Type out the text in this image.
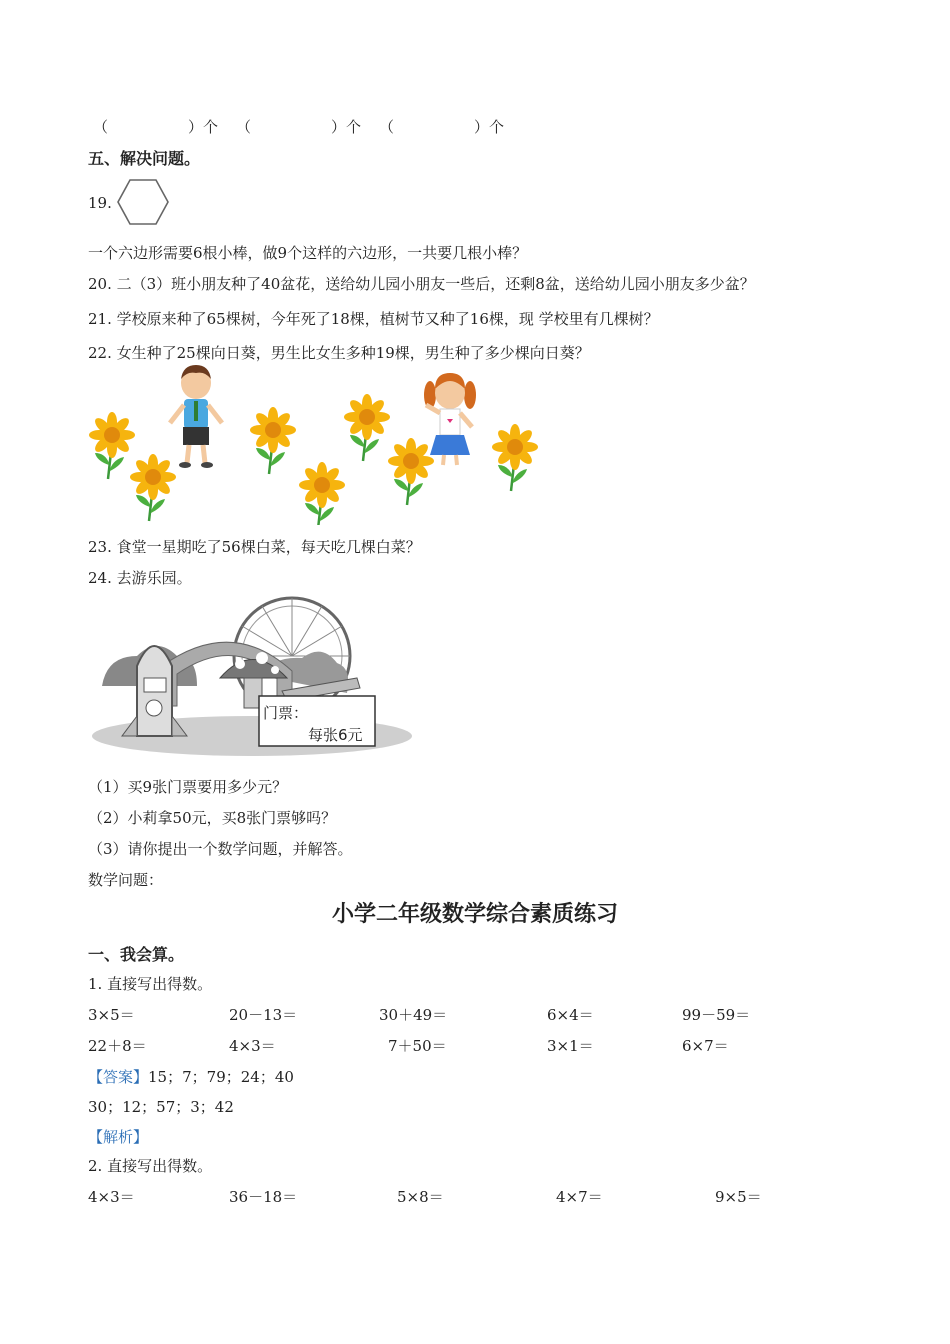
（	）个 （	）个 （	）个
五、解决问题。
19.
一个六边形需要6根小棒，做9个这样的六边形，一共要几根小棒？
20. 二（3）班小朋友种了40盆花，送给幼儿园小朋友一些后，还剩8盆，送给幼儿园小朋友多少盆？
21. 学校原来种了65棵树，今年死了18棵，植树节又种了16棵，现 学校里有几棵树？
22. 女生种了25棵向日葵，男生比女生多种19棵，男生种了多少棵向日葵？
23. 食堂一星期吃了56棵白菜，每天吃几棵白菜？
24. 去游乐园。
门票：
每张6元
（1）买9张门票要用多少元？
（2）小莉拿50元，买8张门票够吗？
（3）请你提出一个数学问题，并解答。
数学问题：
小学二年级数学综合素质练习
一、我会算。
1. 直接写出得数。
3×5＝	20－13＝	30＋49＝	6×4＝	99－59＝
22＋8＝	4×3＝	7＋50＝	3×1＝	6×7＝
【答案】15；7；79；24；40
30；12；57；3；42
【解析】
2. 直接写出得数。
4×3＝	36－18＝	5×8＝	4×7＝	9×5＝
